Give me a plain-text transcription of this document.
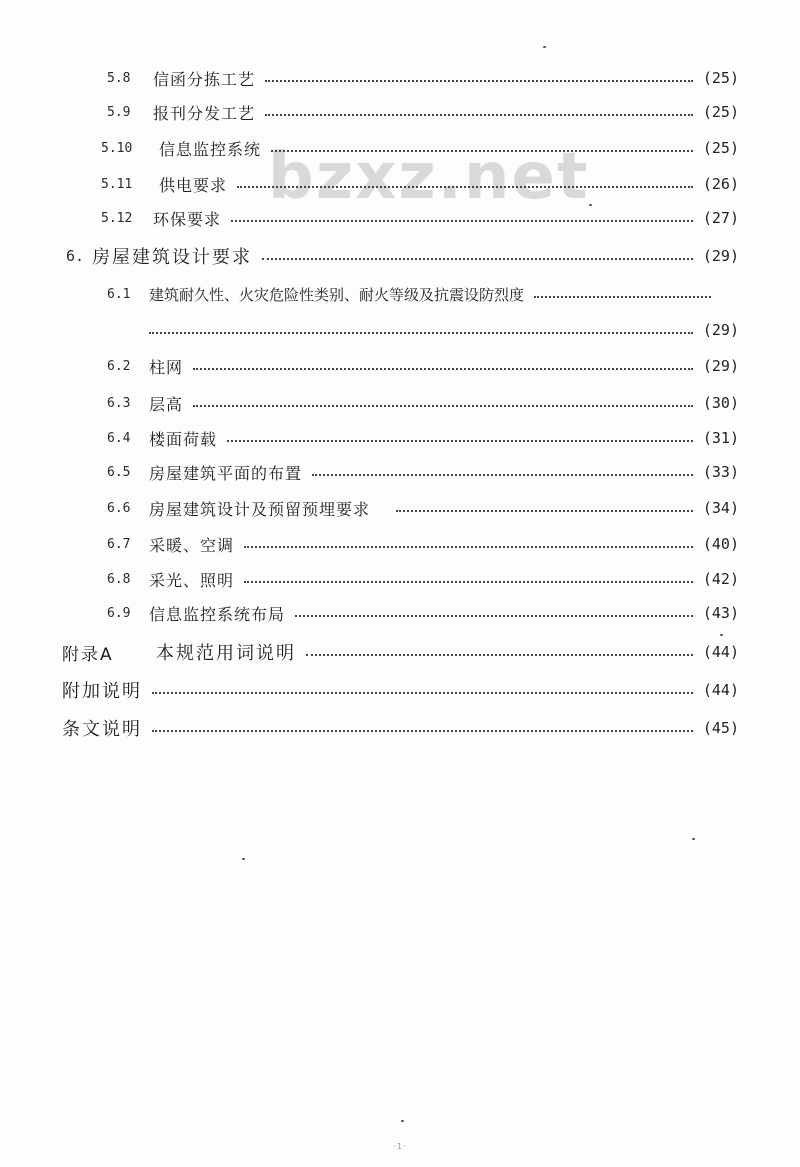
bzxz.net
5.8	信函分拣工艺	(25)
5.9	报刊分发工艺	(25)
5.10	信息监控系统	(25)
5.11	供电要求	(26)
5.12	环保要求	(27)
6. 房屋建筑设计要求	(29)
6.1	建筑耐久性、火灾危险性类别、耐火等级及抗震设防烈度
(29)
6.2	柱网	(29)
6.3	层高	(30)
6.4	楼面荷载	(31)
6.5	房屋建筑平面的布置	(33)
6.6	房屋建筑设计及预留预埋要求	(34)
6.7	采暖、空调	(40)
6.8	采光、照明	(42)
6.9	信息监控系统布局	(43)
附录A	本规范用词说明	(44)
附加说明	(44)
条文说明	(45)
·1·
